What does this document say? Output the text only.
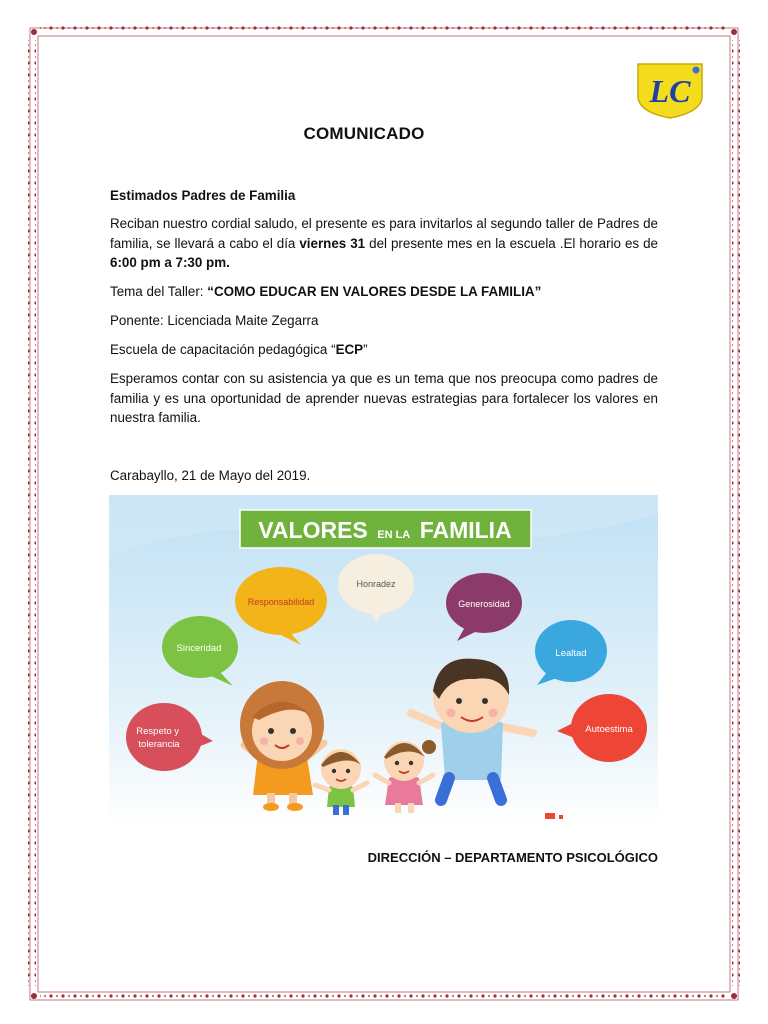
LC
COMUNICADO
Estimados Padres de Familia
Reciban nuestro cordial saludo, el presente es para invitarlos al segundo taller de Padres de familia, se llevará a cabo el día viernes 31 del presente mes en la escuela .El horario es de 6:00 pm a 7:30 pm.
Tema del Taller: “COMO EDUCAR EN VALORES DESDE LA FAMILIA”
Ponente: Licenciada Maite Zegarra
Escuela de capacitación pedagógica “ECP”
Esperamos contar con su asistencia ya que es un tema que nos preocupa como padres de familia y es una oportunidad de aprender nuevas estrategias para fortalecer los valores en nuestra familia.
Carabayllo, 21 de Mayo del 2019.
VALORES EN LA FAMILIA
Respeto y tolerancia
Sinceridad
Responsabilidad
Honradez
Generosidad
Lealtad
Autoestima
DIRECCIÓN – DEPARTAMENTO PSICOLÓGICO
